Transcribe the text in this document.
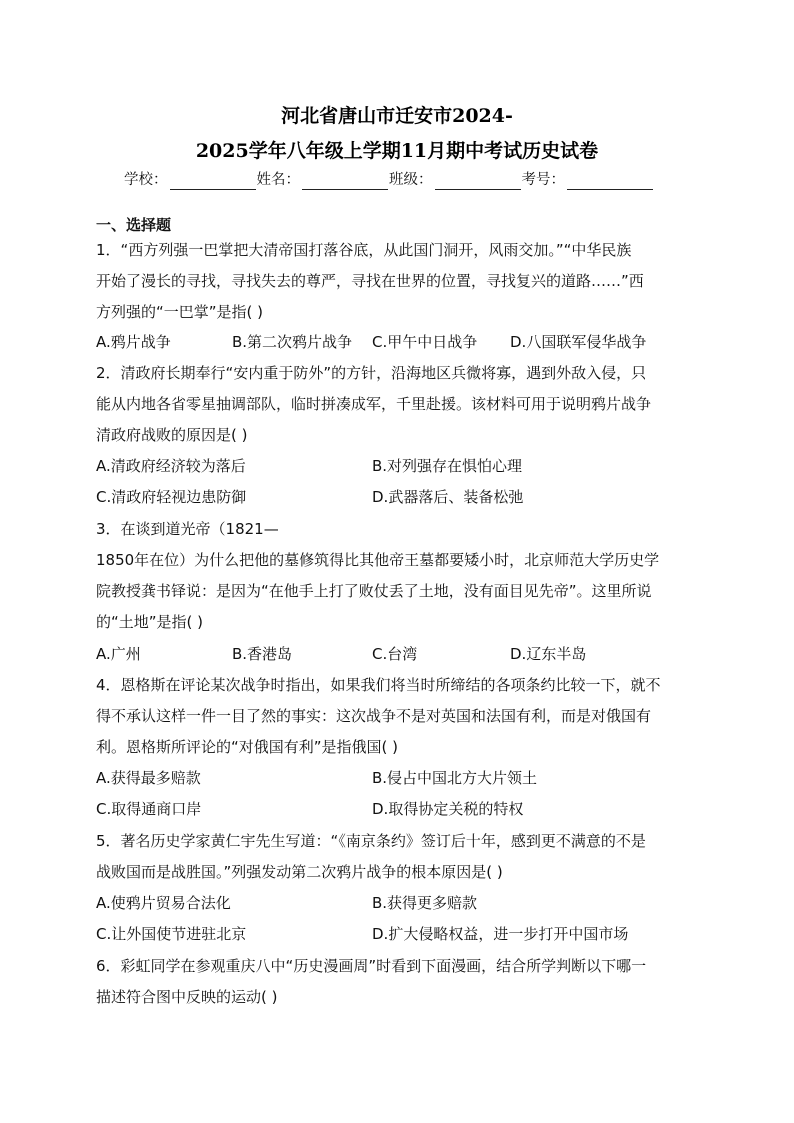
河北省唐山市迁安市2024-
2025学年八年级上学期11月期中考试历史试卷
学校：	姓名：	班级：	考号：
一、选择题
1．“西方列强一巴掌把大清帝国打落谷底，从此国门洞开，风雨交加。”“中华民族
开始了漫长的寻找，寻找失去的尊严，寻找在世界的位置，寻找复兴的道路……”西
方列强的“一巴掌”是指( )
A.鸦片战争	B.第二次鸦片战争 C.甲午中日战争 D.八国联军侵华战争
2．清政府长期奉行“安内重于防外”的方针，沿海地区兵微将寡，遇到外敌入侵，只
能从内地各省零星抽调部队，临时拼凑成军，千里赴援。该材料可用于说明鸦片战争
清政府战败的原因是( )
A.清政府经济较为落后	B.对列强存在惧怕心理
C.清政府轻视边患防御	D.武器落后、装备松弛
3．在谈到道光帝（1821—
1850年在位）为什么把他的墓修筑得比其他帝王墓都要矮小时，北京师范大学历史学
院教授龚书铎说：是因为“在他手上打了败仗丢了土地，没有面目见先帝”。这里所说
的“土地”是指( )
A.广州	B.香港岛	C.台湾	D.辽东半岛
4．恩格斯在评论某次战争时指出，如果我们将当时所缔结的各项条约比较一下，就不
得不承认这样一件一目了然的事实：这次战争不是对英国和法国有利，而是对俄国有
利。恩格斯所评论的“对俄国有利”是指俄国( )
A.获得最多赔款	B.侵占中国北方大片领土
C.取得通商口岸	D.取得协定关税的特权
5．著名历史学家黄仁宇先生写道：“《南京条约》签订后十年，感到更不满意的不是
战败国而是战胜国。”列强发动第二次鸦片战争的根本原因是( )
A.使鸦片贸易合法化	B.获得更多赔款
C.让外国使节进驻北京	D.扩大侵略权益，进一步打开中国市场
6．彩虹同学在参观重庆八中“历史漫画周”时看到下面漫画，结合所学判断以下哪一
描述符合图中反映的运动( )
